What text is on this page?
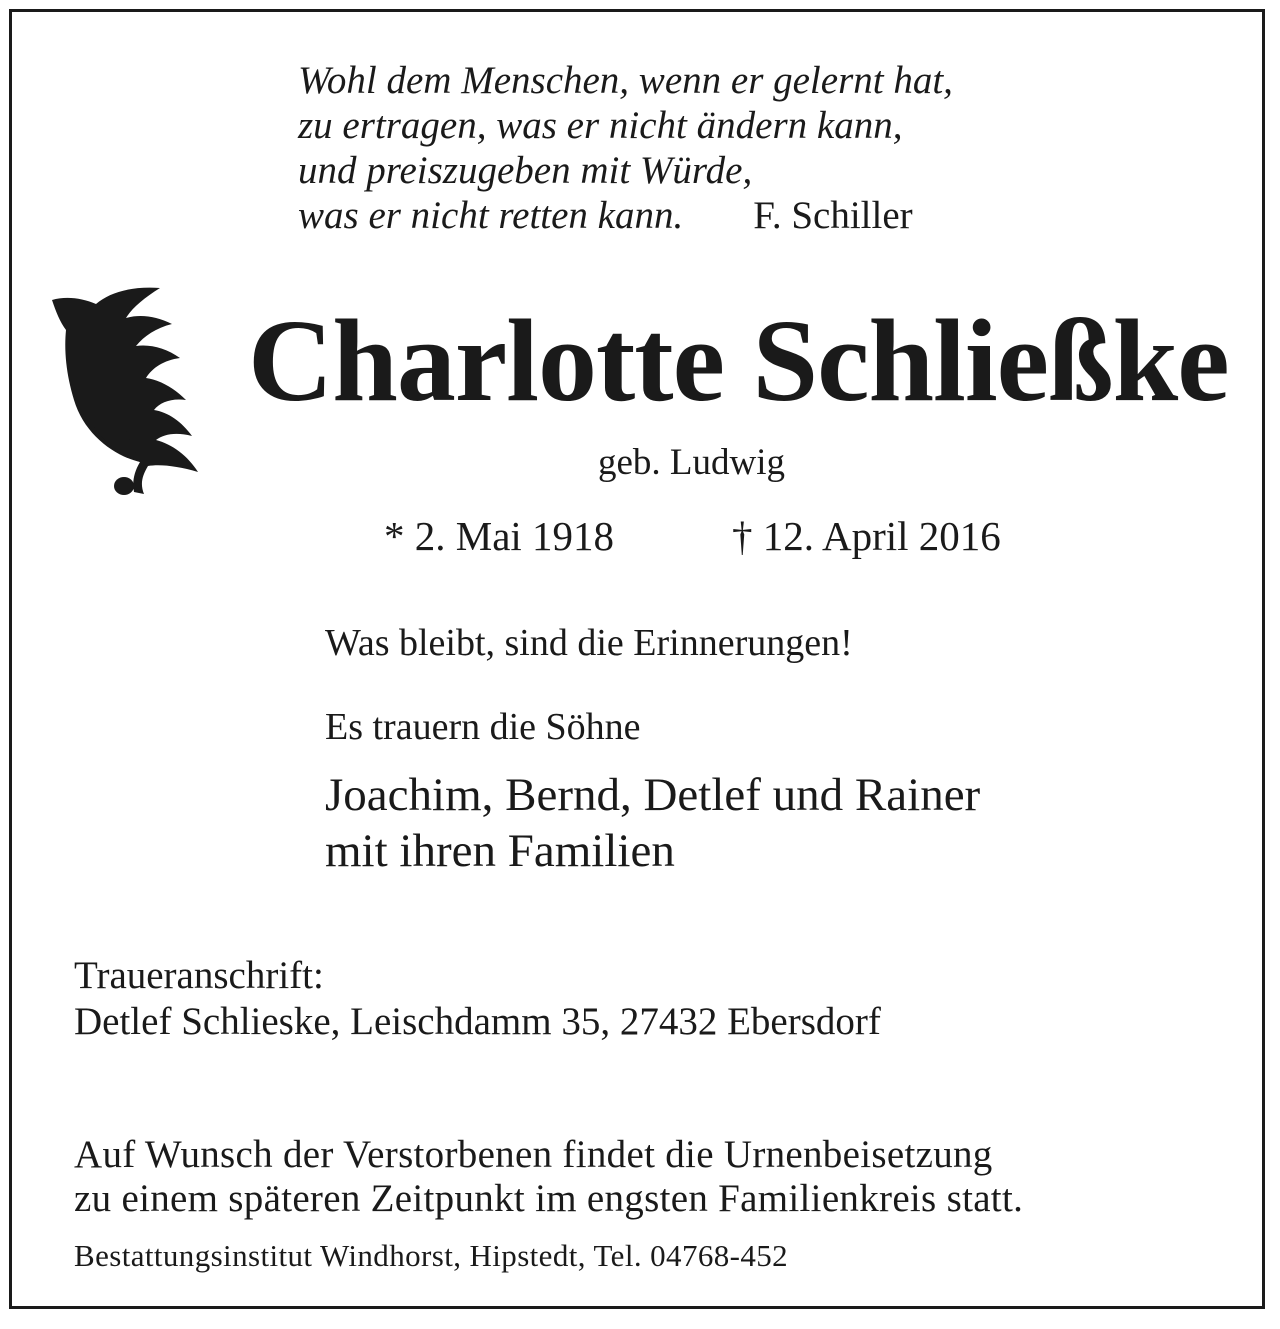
Wohl dem Menschen, wenn er gelernt hat,
zu ertragen, was er nicht ändern kann,
und preiszugeben mit Würde,
was er nicht retten kann. F. Schiller
Charlotte Schließke
geb. Ludwig
* 2. Mai 1918	† 12. April 2016
Was bleibt, sind die Erinnerungen!
Es trauern die Söhne
Joachim, Bernd, Detlef und Rainer
mit ihren Familien
Traueranschrift:
Detlef Schlieske, Leischdamm 35, 27432 Ebersdorf
Auf Wunsch der Verstorbenen findet die Urnenbeisetzung
zu einem späteren Zeitpunkt im engsten Familienkreis statt.
Bestattungsinstitut Windhorst, Hipstedt, Tel. 04768-452
